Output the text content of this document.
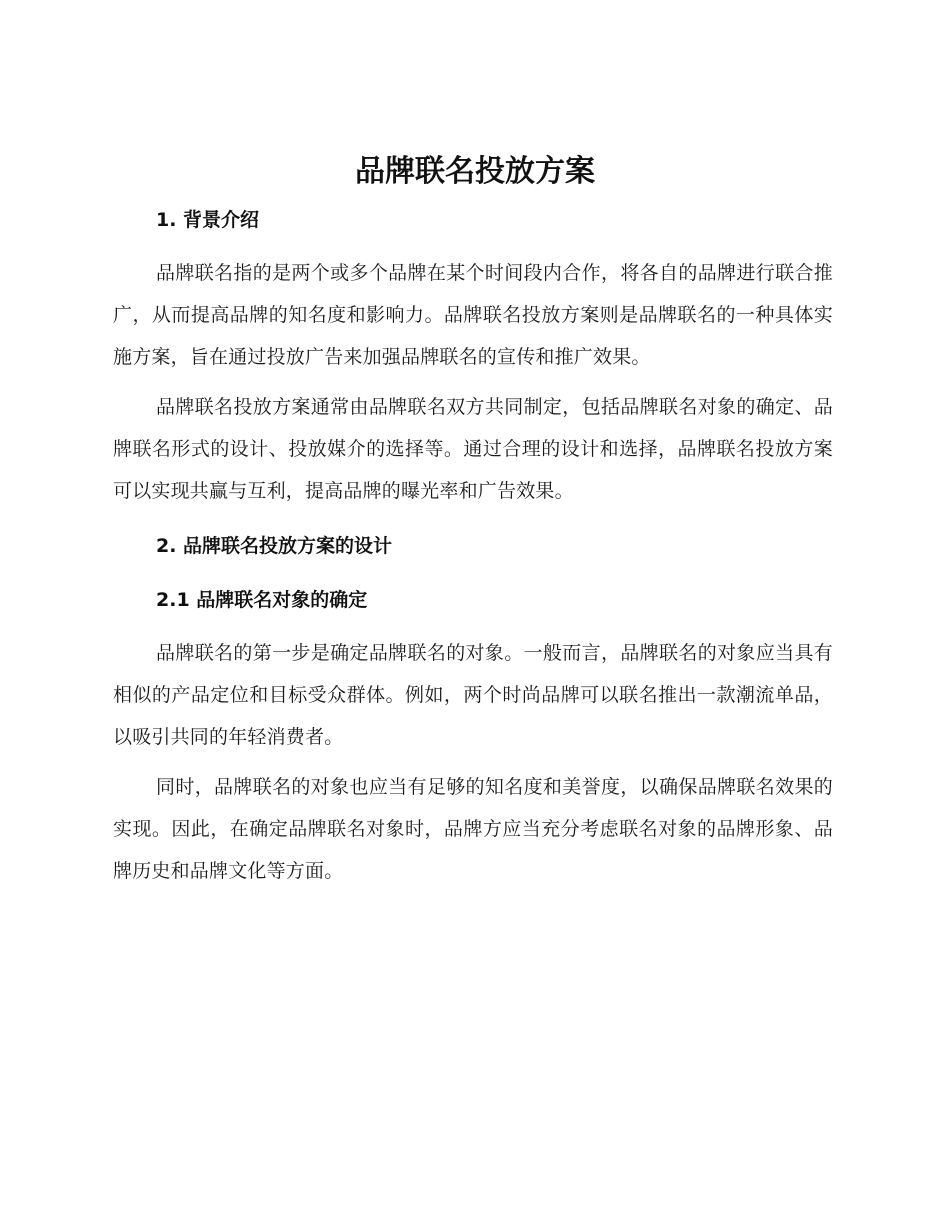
品牌联名投放方案
1. 背景介绍

品牌联名指的是两个或多个品牌在某个时间段内合作，将各自的品牌进行联合推广，从而提高品牌的知名度和影响力。品牌联名投放方案则是品牌联名的一种具体实施方案，旨在通过投放广告来加强品牌联名的宣传和推广效果。

品牌联名投放方案通常由品牌联名双方共同制定，包括品牌联名对象的确定、品牌联名形式的设计、投放媒介的选择等。通过合理的设计和选择，品牌联名投放方案可以实现共赢与互利，提高品牌的曝光率和广告效果。

2. 品牌联名投放方案的设计
2.1 品牌联名对象的确定

品牌联名的第一步是确定品牌联名的对象。一般而言，品牌联名的对象应当具有相似的产品定位和目标受众群体。例如，两个时尚品牌可以联名推出一款潮流单品，以吸引共同的年轻消费者。

同时，品牌联名的对象也应当有足够的知名度和美誉度，以确保品牌联名效果的实现。因此，在确定品牌联名对象时，品牌方应当充分考虑联名对象的品牌形象、品牌历史和品牌文化等方面。
